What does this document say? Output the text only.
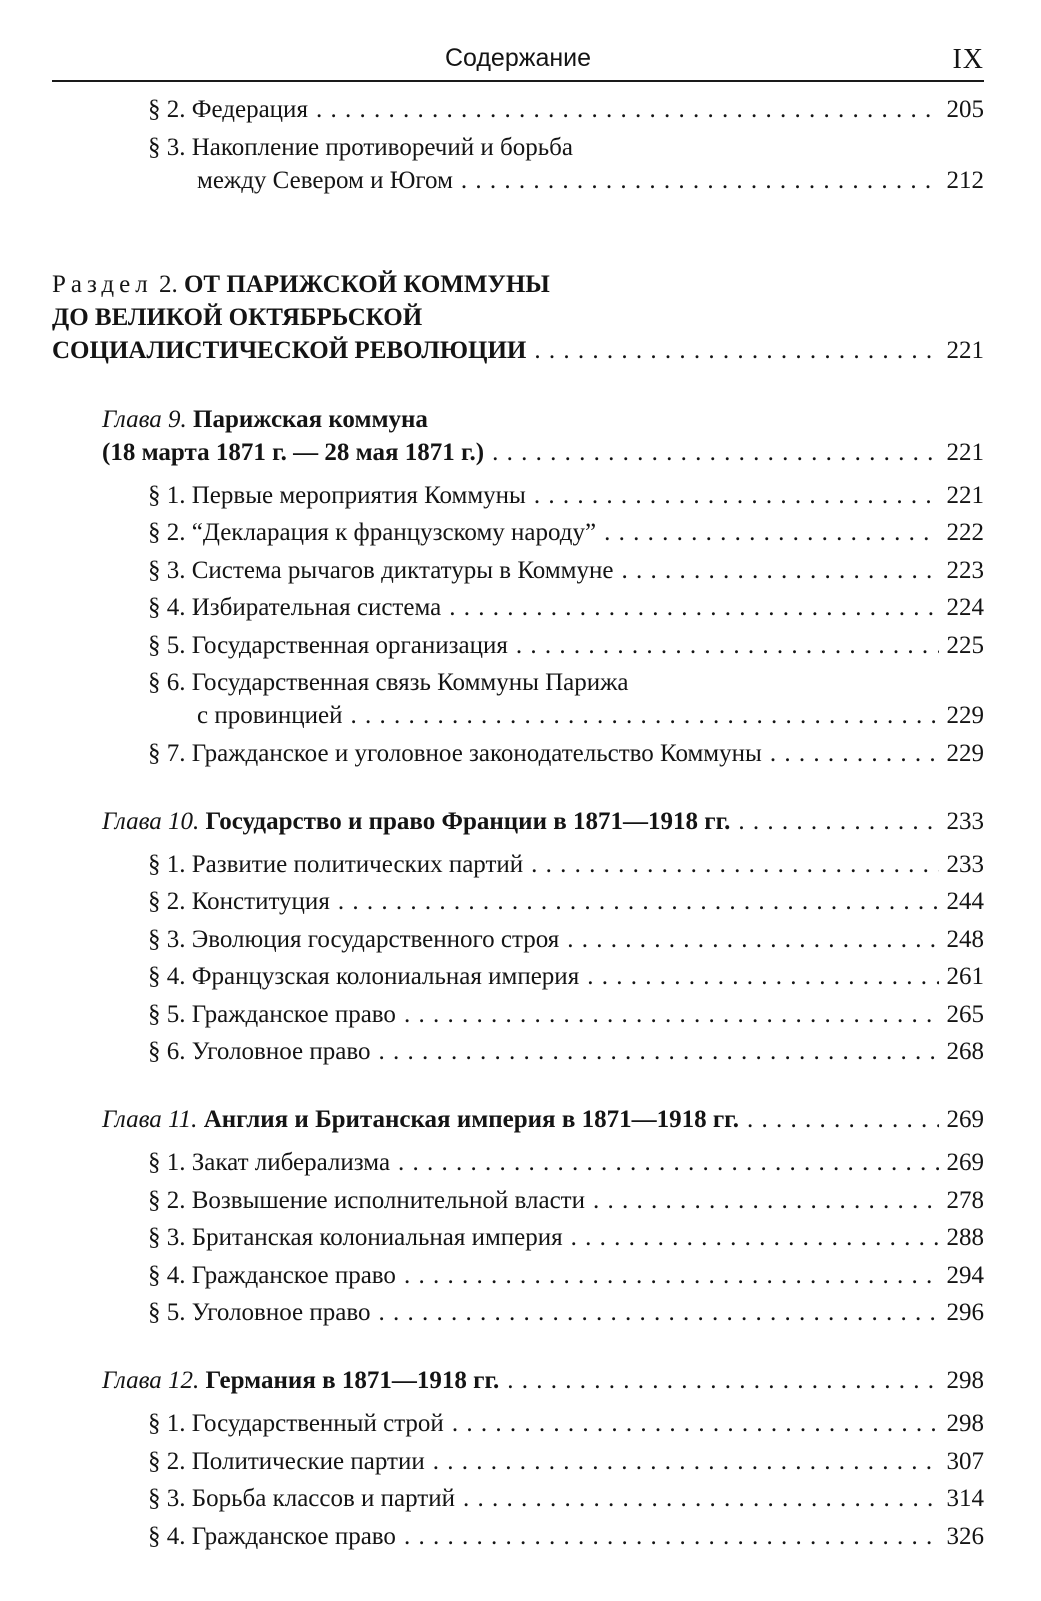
Содержание	IX
§ 2. Федерация . . .	205
§ 3. Накопление противоречий и борьба
между Севером и Югом . . .	212
Раздел 2. ОТ ПАРИЖСКОЙ КОММУНЫ
ДО ВЕЛИКОЙ ОКТЯБРЬСКОЙ
СОЦИАЛИСТИЧЕСКОЙ РЕВОЛЮЦИИ . . .	221
Глава 9. Парижская коммуна
(18 марта 1871 г. — 28 мая 1871 г.) . . .	221
§ 1. Первые мероприятия Коммуны . . .	221
§ 2. “Декларация к французскому народу” . . .	222
§ 3. Система рычагов диктатуры в Коммуне . . .	223
§ 4. Избирательная система . . .	224
§ 5. Государственная организация . . .	225
§ 6. Государственная связь Коммуны Парижа
с провинцией . . .	229
§ 7. Гражданское и уголовное законодательство Коммуны . . .	229
Глава 10. Государство и право Франции в 1871—1918 гг. . . .	233
§ 1. Развитие политических партий . . .	233
§ 2. Конституция . . .	244
§ 3. Эволюция государственного строя . . .	248
§ 4. Французская колониальная империя . . .	261
§ 5. Гражданское право . . .	265
§ 6. Уголовное право . . .	268
Глава 11. Англия и Британская империя в 1871—1918 гг. . . .	269
§ 1. Закат либерализма . . .	269
§ 2. Возвышение исполнительной власти . . .	278
§ 3. Британская колониальная империя . . .	288
§ 4. Гражданское право . . .	294
§ 5. Уголовное право . . .	296
Глава 12. Германия в 1871—1918 гг. . . .	298
§ 1. Государственный строй . . .	298
§ 2. Политические партии . . .	307
§ 3. Борьба классов и партий . . .	314
§ 4. Гражданское право . . .	326
